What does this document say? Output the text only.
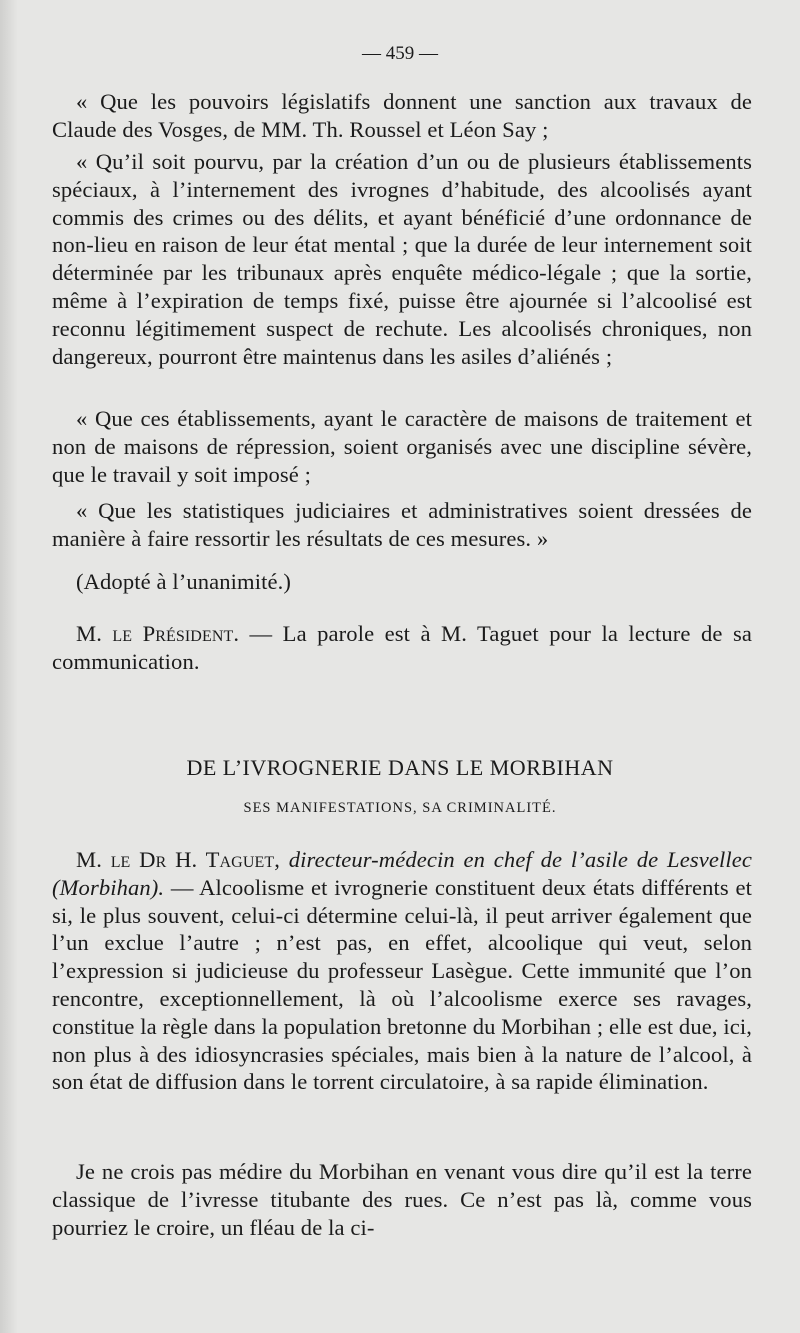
— 459 —

« Que les pouvoirs législatifs donnent une sanction aux travaux de Claude des Vosges, de MM. Th. Roussel et Léon Say ;

« Qu’il soit pourvu, par la création d’un ou de plusieurs établissements spéciaux, à l’internement des ivrognes d’habitude, des alcoolisés ayant commis des crimes ou des délits, et ayant bénéficié d’une ordonnance de non-lieu en raison de leur état mental ; que la durée de leur internement soit déterminée par les tribunaux après enquête médico-légale ; que la sortie, même à l’expiration de temps fixé, puisse être ajournée si l’alcoolisé est reconnu légitimement suspect de rechute. Les alcoolisés chroniques, non dangereux, pourront être maintenus dans les asiles d’aliénés ;

« Que ces établissements, ayant le caractère de maisons de traitement et non de maisons de répression, soient organisés avec une discipline sévère, que le travail y soit imposé ;

« Que les statistiques judiciaires et administratives soient dressées de manière à faire ressortir les résultats de ces mesures. »

(Adopté à l’unanimité.)

M. le Président. — La parole est à M. Taguet pour la lecture de sa communication.

DE L’IVROGNERIE DANS LE MORBIHAN
SES MANIFESTATIONS, SA CRIMINALITÉ.

M. le Dr H. Taguet, directeur-médecin en chef de l’asile de Lesvellec (Morbihan). — Alcoolisme et ivrognerie constituent deux états différents et si, le plus souvent, celui-ci détermine celui-là, il peut arriver également que l’un exclue l’autre ; n’est pas, en effet, alcoolique qui veut, selon l’expression si judicieuse du professeur Lasègue. Cette immunité que l’on rencontre, exceptionnellement, là où l’alcoolisme exerce ses ravages, constitue la règle dans la population bretonne du Morbihan ; elle est due, ici, non plus à des idiosyncrasies spéciales, mais bien à la nature de l’alcool, à son état de diffusion dans le torrent circulatoire, à sa rapide élimination.

Je ne crois pas médire du Morbihan en venant vous dire qu’il est la terre classique de l’ivresse titubante des rues. Ce n’est pas là, comme vous pourriez le croire, un fléau de la ci-
